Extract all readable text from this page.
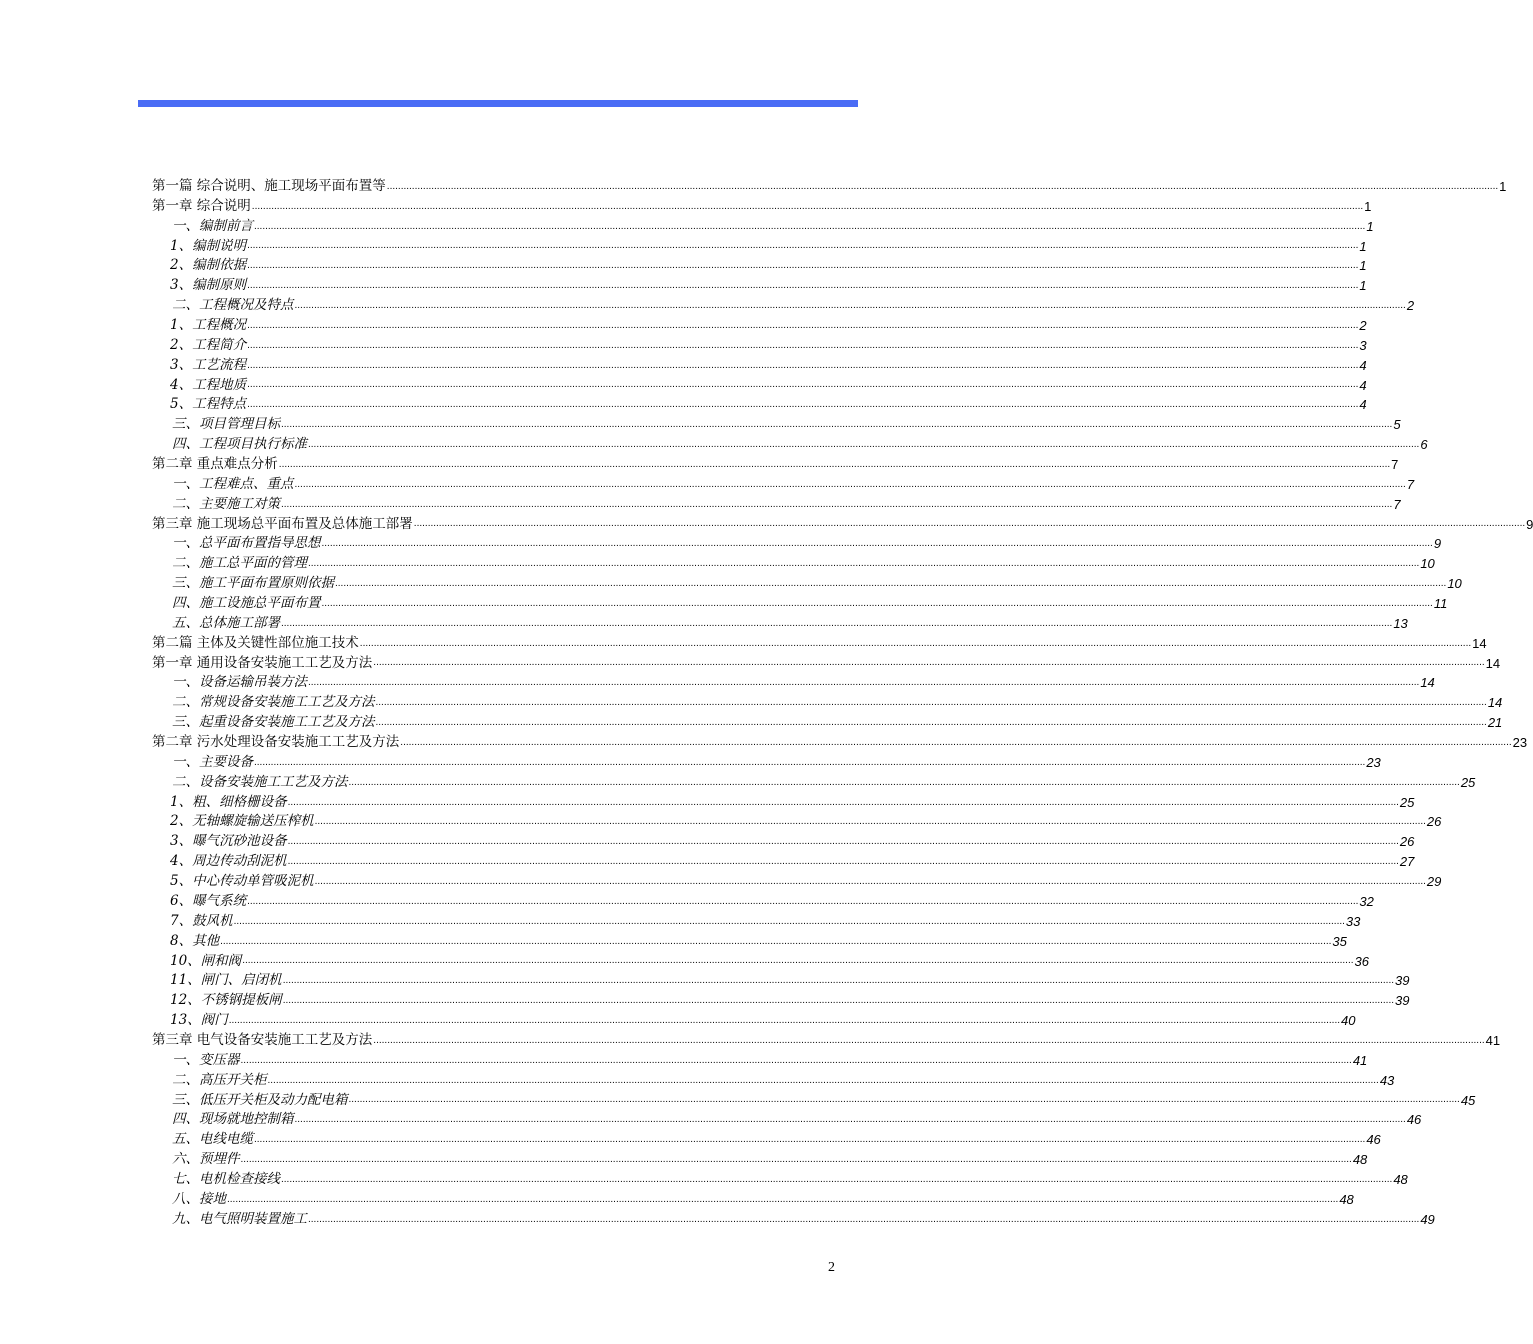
第一篇 综合说明、施工现场平面布置等 ................................................................................................................................................................................................................................................................................................................................................................................................................ 1
第一章 综合说明 ................................................................................................................................................................................................................................................................................................................................................................................................................ 1
一、编制前言 ................................................................................................................................................................................................................................................................................................................................................................................................................ 1
1、编制说明 ................................................................................................................................................................................................................................................................................................................................................................................................................ 1
2、编制依据 ................................................................................................................................................................................................................................................................................................................................................................................................................ 1
3、编制原则 ................................................................................................................................................................................................................................................................................................................................................................................................................ 1
二、工程概况及特点 ................................................................................................................................................................................................................................................................................................................................................................................................................ 2
1、工程概况 ................................................................................................................................................................................................................................................................................................................................................................................................................ 2
2、工程简介 ................................................................................................................................................................................................................................................................................................................................................................................................................ 3
3、工艺流程 ................................................................................................................................................................................................................................................................................................................................................................................................................ 4
4、工程地质 ................................................................................................................................................................................................................................................................................................................................................................................................................ 4
5、工程特点 ................................................................................................................................................................................................................................................................................................................................................................................................................ 4
三、项目管理目标 ................................................................................................................................................................................................................................................................................................................................................................................................................ 5
四、工程项目执行标准 ................................................................................................................................................................................................................................................................................................................................................................................................................ 6
第二章 重点难点分析 ................................................................................................................................................................................................................................................................................................................................................................................................................ 7
一、工程难点、重点 ................................................................................................................................................................................................................................................................................................................................................................................................................ 7
二、主要施工对策 ................................................................................................................................................................................................................................................................................................................................................................................................................ 7
第三章 施工现场总平面布置及总体施工部署 ................................................................................................................................................................................................................................................................................................................................................................................................................ 9
一、总平面布置指导思想 ................................................................................................................................................................................................................................................................................................................................................................................................................ 9
二、施工总平面的管理 ................................................................................................................................................................................................................................................................................................................................................................................................................ 10
三、施工平面布置原则依据 ................................................................................................................................................................................................................................................................................................................................................................................................................ 10
四、施工设施总平面布置 ................................................................................................................................................................................................................................................................................................................................................................................................................ 11
五、总体施工部署 ................................................................................................................................................................................................................................................................................................................................................................................................................ 13
第二篇 主体及关键性部位施工技术 ................................................................................................................................................................................................................................................................................................................................................................................................................ 14
第一章 通用设备安装施工工艺及方法 ................................................................................................................................................................................................................................................................................................................................................................................................................ 14
一、设备运输吊装方法 ................................................................................................................................................................................................................................................................................................................................................................................................................ 14
二、常规设备安装施工工艺及方法 ................................................................................................................................................................................................................................................................................................................................................................................................................ 14
三、起重设备安装施工工艺及方法 ................................................................................................................................................................................................................................................................................................................................................................................................................ 21
第二章 污水处理设备安装施工工艺及方法 ................................................................................................................................................................................................................................................................................................................................................................................................................ 23
一、主要设备 ................................................................................................................................................................................................................................................................................................................................................................................................................ 23
二、设备安装施工工艺及方法 ................................................................................................................................................................................................................................................................................................................................................................................................................ 25
1、粗、细格栅设备 ................................................................................................................................................................................................................................................................................................................................................................................................................ 25
2、无轴螺旋输送压榨机 ................................................................................................................................................................................................................................................................................................................................................................................................................ 26
3、曝气沉砂池设备 ................................................................................................................................................................................................................................................................................................................................................................................................................ 26
4、周边传动刮泥机 ................................................................................................................................................................................................................................................................................................................................................................................................................ 27
5、中心传动单管吸泥机 ................................................................................................................................................................................................................................................................................................................................................................................................................ 29
6、曝气系统 ................................................................................................................................................................................................................................................................................................................................................................................................................ 32
7、鼓风机 ................................................................................................................................................................................................................................................................................................................................................................................................................ 33
8、其他 ................................................................................................................................................................................................................................................................................................................................................................................................................ 35
10、闸和阀 ................................................................................................................................................................................................................................................................................................................................................................................................................ 36
11、闸门、启闭机 ................................................................................................................................................................................................................................................................................................................................................................................................................ 39
12、不锈钢提板闸 ................................................................................................................................................................................................................................................................................................................................................................................................................ 39
13、阀门 ................................................................................................................................................................................................................................................................................................................................................................................................................ 40
第三章 电气设备安装施工工艺及方法 ................................................................................................................................................................................................................................................................................................................................................................................................................ 41
一、变压器 ................................................................................................................................................................................................................................................................................................................................................................................................................ 41
二、高压开关柜 ................................................................................................................................................................................................................................................................................................................................................................................................................ 43
三、低压开关柜及动力配电箱 ................................................................................................................................................................................................................................................................................................................................................................................................................ 45
四、现场就地控制箱 ................................................................................................................................................................................................................................................................................................................................................................................................................ 46
五、电线电缆 ................................................................................................................................................................................................................................................................................................................................................................................................................ 46
六、预埋件 ................................................................................................................................................................................................................................................................................................................................................................................................................ 48
七、电机检查接线 ................................................................................................................................................................................................................................................................................................................................................................................................................ 48
八、接地 ................................................................................................................................................................................................................................................................................................................................................................................................................ 48
九、电气照明装置施工 ................................................................................................................................................................................................................................................................................................................................................................................................................ 49
2
